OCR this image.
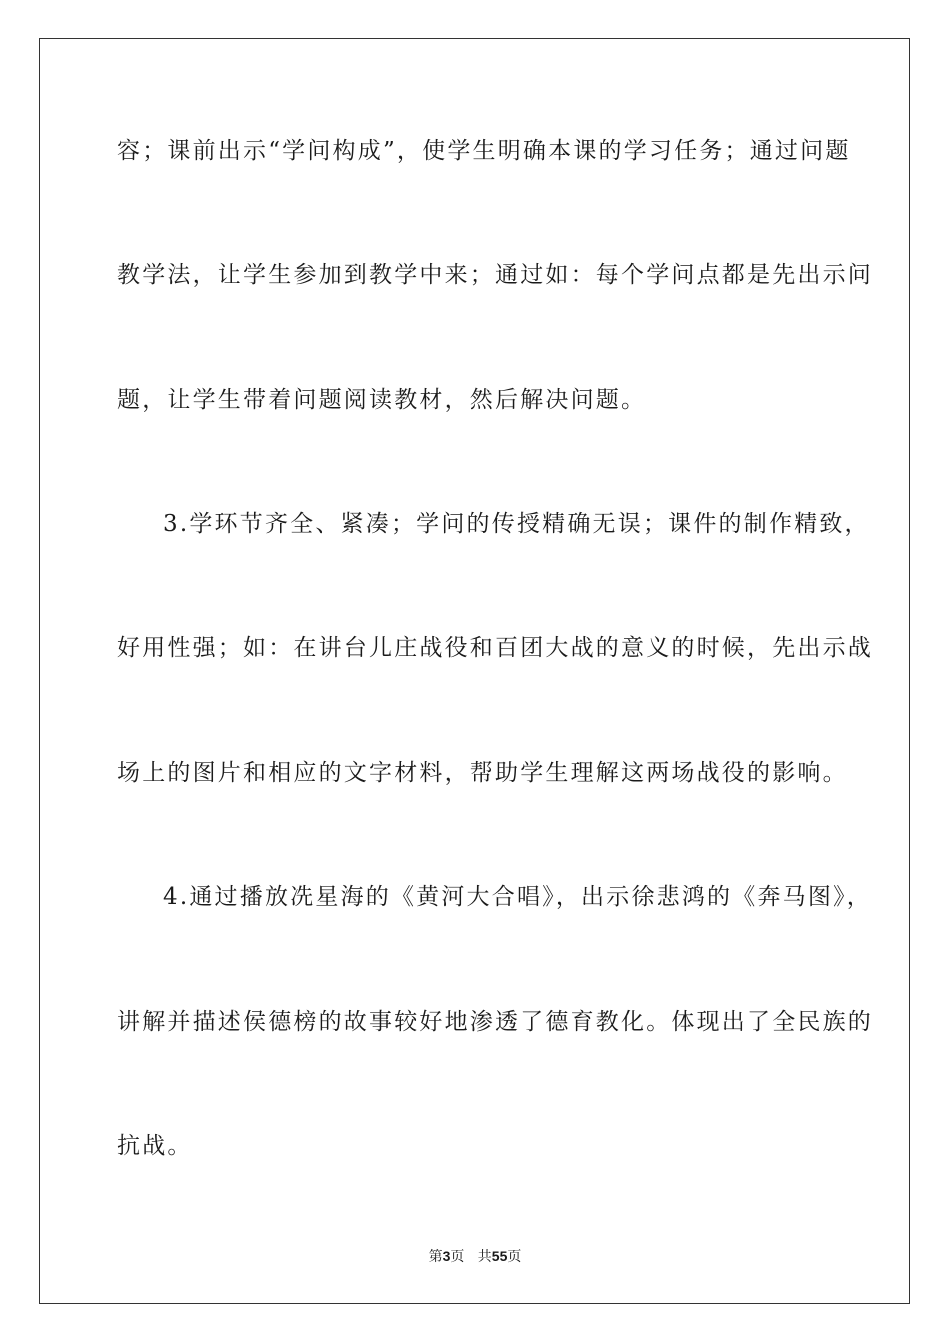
容；课前出示“学问构成”，使学生明确本课的学习任务；通过问题
教学法，让学生参加到教学中来；通过如：每个学问点都是先出示问
题，让学生带着问题阅读教材，然后解决问题。
3.学环节齐全、紧凑；学问的传授精确无误；课件的制作精致，
好用性强；如：在讲台儿庄战役和百团大战的意义的时候，先出示战
场上的图片和相应的文字材料，帮助学生理解这两场战役的影响。
4.通过播放冼星海的《黄河大合唱》，出示徐悲鸿的《奔马图》，
讲解并描述侯德榜的故事较好地渗透了德育教化。体现出了全民族的
抗战。
第3页 共55页
